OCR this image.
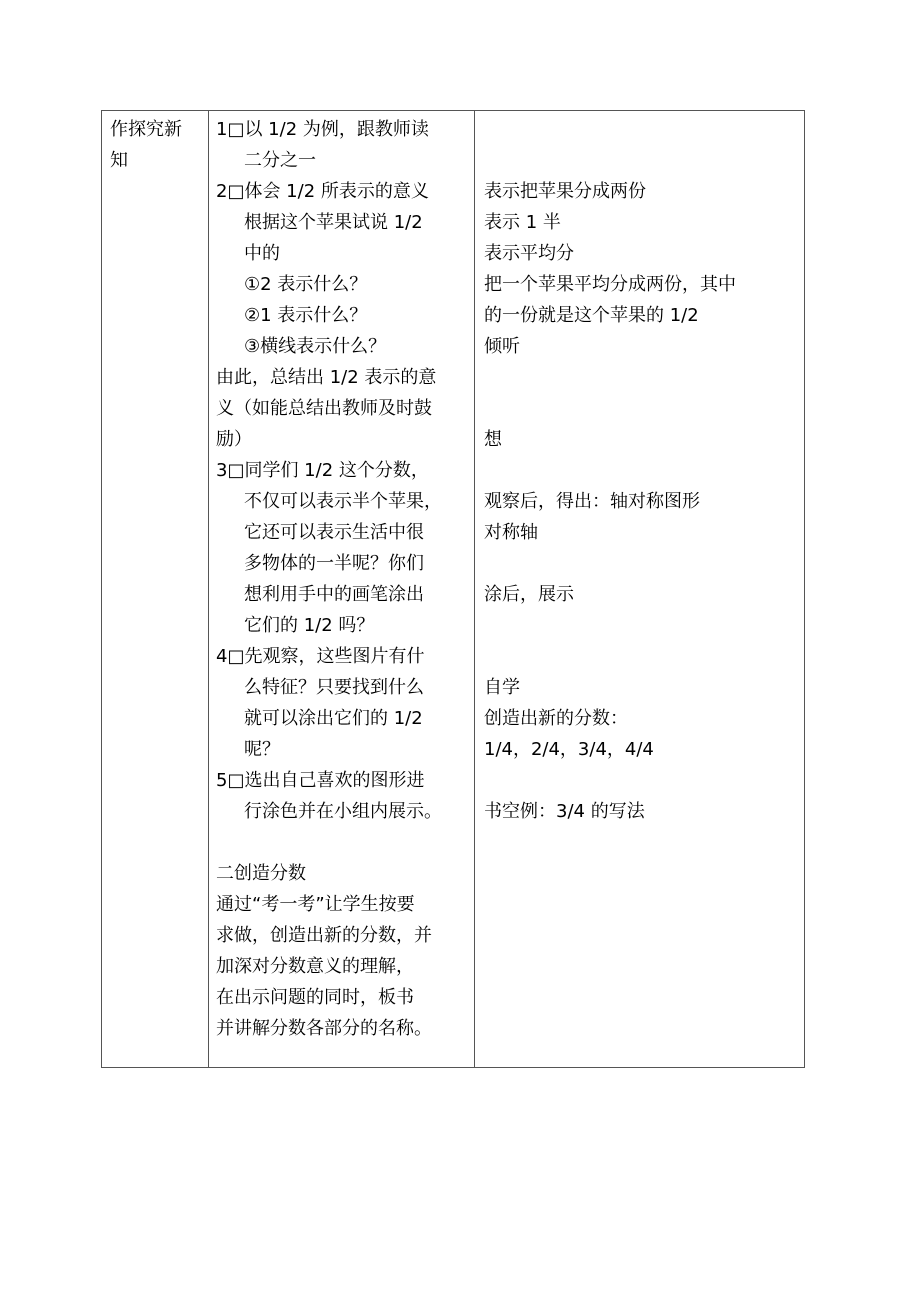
作探究新
知
1□以 1/2 为例，跟教师读
二分之一
2□体会 1/2 所表示的意义
根据这个苹果试说 1/2
中的
①2 表示什么？
②1 表示什么？
③横线表示什么？
由此，总结出 1/2 表示的意
义（如能总结出教师及时鼓
励）
3□同学们 1/2 这个分数，
不仅可以表示半个苹果，
它还可以表示生活中很
多物体的一半呢？你们
想利用手中的画笔涂出
它们的 1/2 吗？
4□先观察，这些图片有什
么特征？只要找到什么
就可以涂出它们的 1/2
呢？
5□选出自己喜欢的图形进
行涂色并在小组内展示。
二创造分数
通过“考一考”让学生按要
求做，创造出新的分数，并
加深对分数意义的理解，
在出示问题的同时，板书
并讲解分数各部分的名称。
表示把苹果分成两份
表示 1 半
表示平均分
把一个苹果平均分成两份，其中
的一份就是这个苹果的 1/2
倾听
想
观察后，得出：轴对称图形
对称轴
涂后，展示
自学
创造出新的分数：
1/4，2/4，3/4，4/4
书空例：3/4 的写法
